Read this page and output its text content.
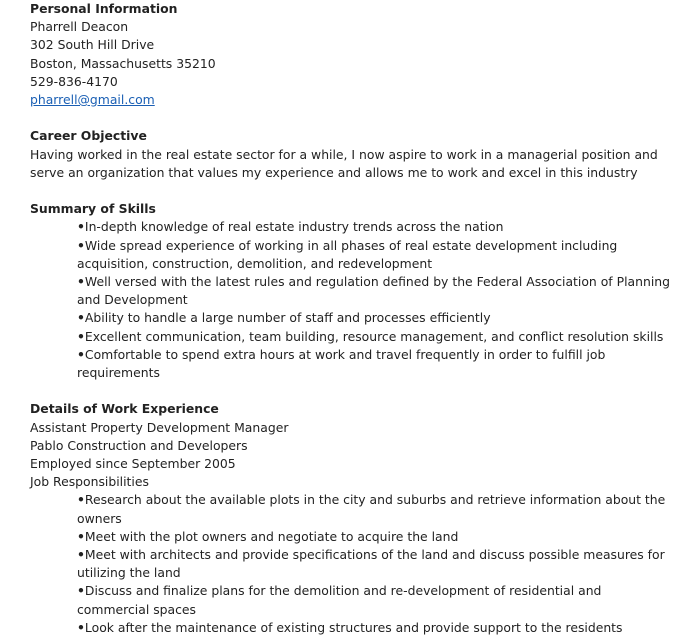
Personal Information
Pharrell Deacon
302 South Hill Drive
Boston, Massachusetts 35210
529-836-4170
pharrell@gmail.com
Career Objective
Having worked in the real estate sector for a while, I now aspire to work in a managerial position and serve an organization that values my experience and allows me to work and excel in this industry
Summary of Skills
•In-depth knowledge of real estate industry trends across the nation
•Wide spread experience of working in all phases of real estate development including acquisition, construction, demolition, and redevelopment
•Well versed with the latest rules and regulation defined by the Federal Association of Planning and Development
•Ability to handle a large number of staff and processes efficiently
•Excellent communication, team building, resource management, and conflict resolution skills
•Comfortable to spend extra hours at work and travel frequently in order to fulfill job requirements
Details of Work Experience
Assistant Property Development Manager
Pablo Construction and Developers
Employed since September 2005
Job Responsibilities
•Research about the available plots in the city and suburbs and retrieve information about the owners
•Meet with the plot owners and negotiate to acquire the land
•Meet with architects and provide specifications of the land and discuss possible measures for utilizing the land
•Discuss and finalize plans for the demolition and re-development of residential and commercial spaces
•Look after the maintenance of existing structures and provide support to the residents
